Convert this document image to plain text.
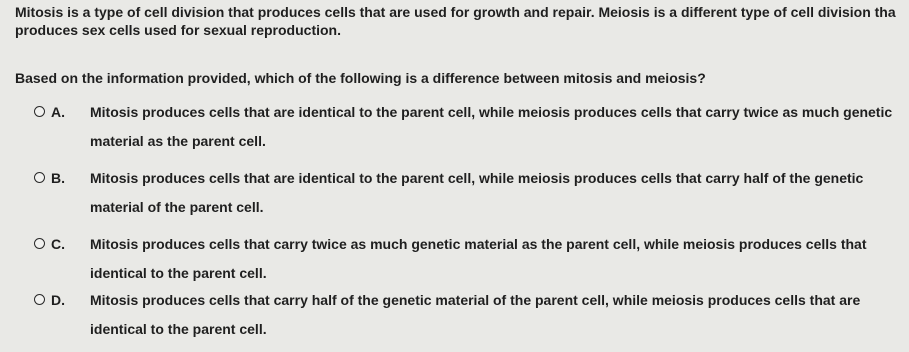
Mitosis is a type of cell division that produces cells that are used for growth and repair. Meiosis is a different type of cell division tha
produces sex cells used for sexual reproduction.
Based on the information provided, which of the following is a difference between mitosis and meiosis?
A. Mitosis produces cells that are identical to the parent cell, while meiosis produces cells that carry twice as much genetic
material as the parent cell.
B. Mitosis produces cells that are identical to the parent cell, while meiosis produces cells that carry half of the genetic
material of the parent cell.
C. Mitosis produces cells that carry twice as much genetic material as the parent cell, while meiosis produces cells that
identical to the parent cell.
D. Mitosis produces cells that carry half of the genetic material of the parent cell, while meiosis produces cells that are
identical to the parent cell.
